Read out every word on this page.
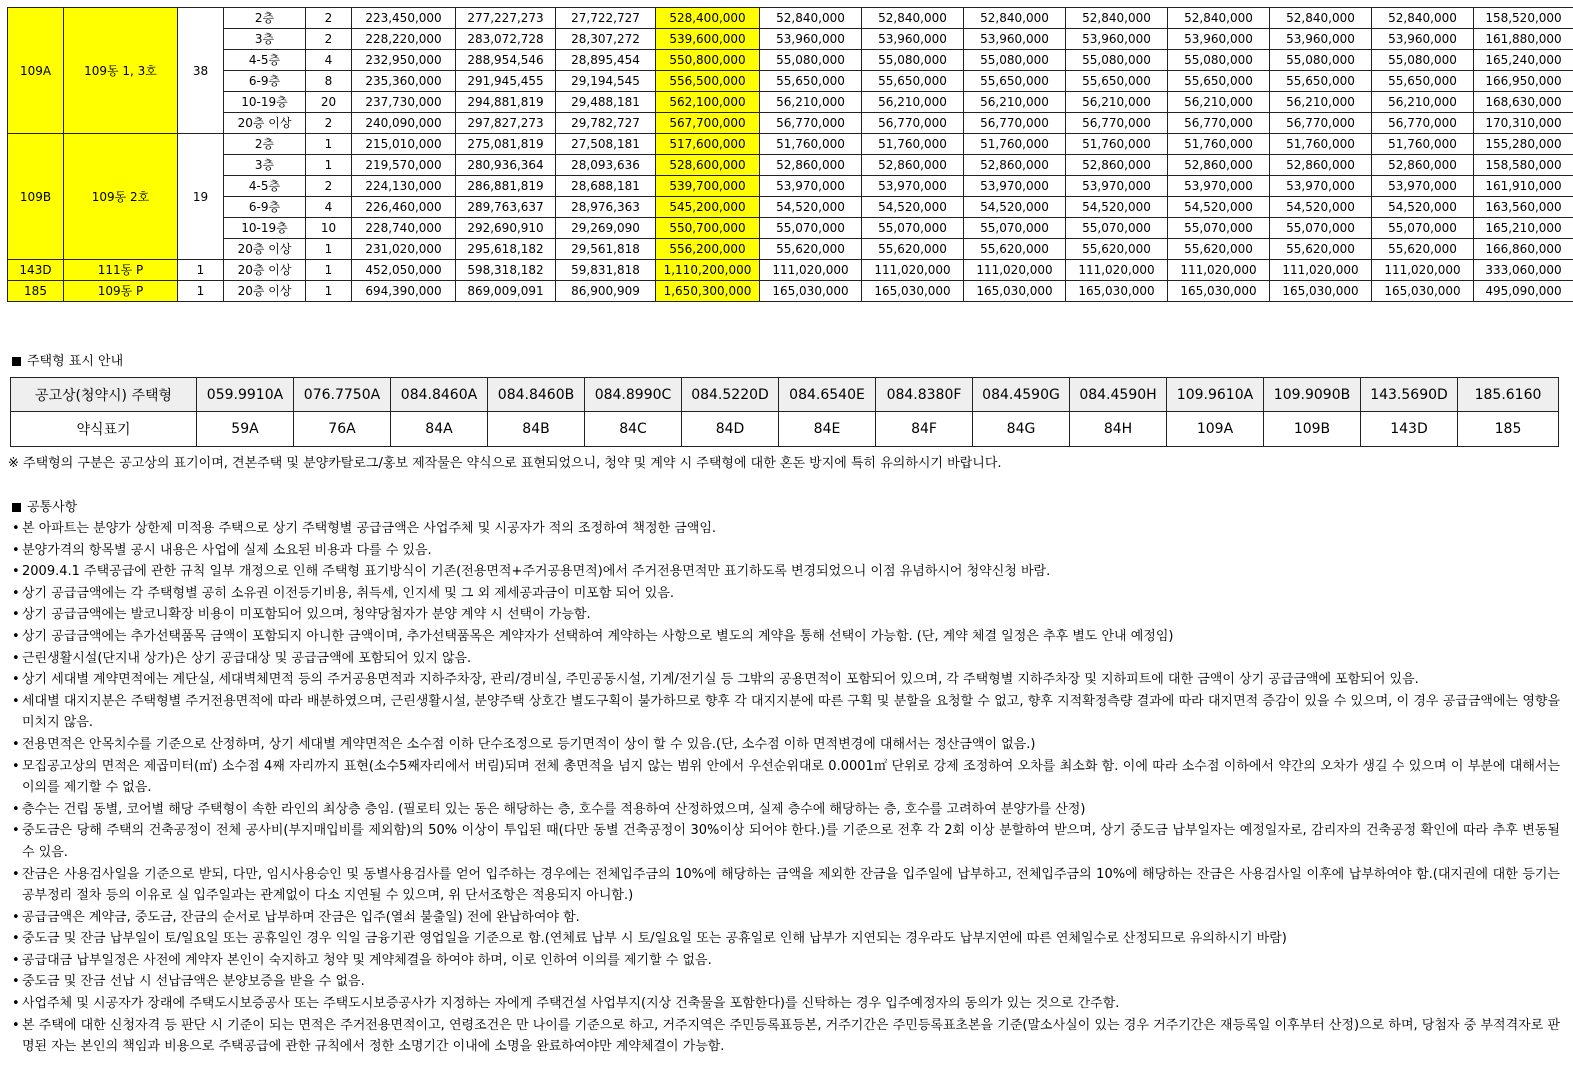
109A	109동 1, 3호	38	2층	2	223,450,000	277,227,273	27,722,727	528,400,000	52,840,000	52,840,000	52,840,000	52,840,000	52,840,000	52,840,000	52,840,000	158,520,000
			3층	2	228,220,000	283,072,728	28,307,272	539,600,000	53,960,000	53,960,000	53,960,000	53,960,000	53,960,000	53,960,000	53,960,000	161,880,000
			4-5층	4	232,950,000	288,954,546	28,895,454	550,800,000	55,080,000	55,080,000	55,080,000	55,080,000	55,080,000	55,080,000	55,080,000	165,240,000
			6-9층	8	235,360,000	291,945,455	29,194,545	556,500,000	55,650,000	55,650,000	55,650,000	55,650,000	55,650,000	55,650,000	55,650,000	166,950,000
			10-19층	20	237,730,000	294,881,819	29,488,181	562,100,000	56,210,000	56,210,000	56,210,000	56,210,000	56,210,000	56,210,000	56,210,000	168,630,000
			20층 이상	2	240,090,000	297,827,273	29,782,727	567,700,000	56,770,000	56,770,000	56,770,000	56,770,000	56,770,000	56,770,000	56,770,000	170,310,000
109B	109동 2호	19	2층	1	215,010,000	275,081,819	27,508,181	517,600,000	51,760,000	51,760,000	51,760,000	51,760,000	51,760,000	51,760,000	51,760,000	155,280,000
			3층	1	219,570,000	280,936,364	28,093,636	528,600,000	52,860,000	52,860,000	52,860,000	52,860,000	52,860,000	52,860,000	52,860,000	158,580,000
			4-5층	2	224,130,000	286,881,819	28,688,181	539,700,000	53,970,000	53,970,000	53,970,000	53,970,000	53,970,000	53,970,000	53,970,000	161,910,000
			6-9층	4	226,460,000	289,763,637	28,976,363	545,200,000	54,520,000	54,520,000	54,520,000	54,520,000	54,520,000	54,520,000	54,520,000	163,560,000
			10-19층	10	228,740,000	292,690,910	29,269,090	550,700,000	55,070,000	55,070,000	55,070,000	55,070,000	55,070,000	55,070,000	55,070,000	165,210,000
			20층 이상	1	231,020,000	295,618,182	29,561,818	556,200,000	55,620,000	55,620,000	55,620,000	55,620,000	55,620,000	55,620,000	55,620,000	166,860,000
143D	111동 P	1	20층 이상	1	452,050,000	598,318,182	59,831,818	1,110,200,000	111,020,000	111,020,000	111,020,000	111,020,000	111,020,000	111,020,000	111,020,000	333,060,000
185	109동 P	1	20층 이상	1	694,390,000	869,009,091	86,900,909	1,650,300,000	165,030,000	165,030,000	165,030,000	165,030,000	165,030,000	165,030,000	165,030,000	495,090,000
주택형 표시 안내
공고상(청약시) 주택형	059.9910A	076.7750A	084.8460A	084.8460B	084.8990C	084.5220D	084.6540E	084.8380F	084.4590G	084.4590H	109.9610A	109.9090B	143.5690D	185.6160
약식표기	59A	76A	84A	84B	84C	84D	84E	84F	84G	84H	109A	109B	143D	185
※ 주택형의 구분은 공고상의 표기이며, 견본주택 및 분양카탈로그/홍보 제작물은 약식으로 표현되었으니, 청약 및 계약 시 주택형에 대한 혼돈 방지에 특히 유의하시기 바랍니다.
공통사항
• 본 아파트는 분양가 상한제 미적용 주택으로 상기 주택형별 공급금액은 사업주체 및 시공자가 적의 조정하여 책정한 금액임.
• 분양가격의 항목별 공시 내용은 사업에 실제 소요된 비용과 다를 수 있음.
• 2009.4.1 주택공급에 관한 규칙 일부 개정으로 인해 주택형 표기방식이 기존(전용면적+주거공용면적)에서 주거전용면적만 표기하도록 변경되었으니 이점 유념하시어 청약신청 바람.
• 상기 공급금액에는 각 주택형별 공히 소유권 이전등기비용, 취득세, 인지세 및 그 외 제세공과금이 미포함 되어 있음.
• 상기 공급금액에는 발코니확장 비용이 미포함되어 있으며, 청약당첨자가 분양 계약 시 선택이 가능함.
• 상기 공급금액에는 추가선택품목 금액이 포함되지 아니한 금액이며, 추가선택품목은 계약자가 선택하여 계약하는 사항으로 별도의 계약을 통해 선택이 가능함. (단, 계약 체결 일정은 추후 별도 안내 예정임)
• 근린생활시설(단지내 상가)은 상기 공급대상 및 공급금액에 포함되어 있지 않음.
• 상기 세대별 계약면적에는 계단실, 세대벽체면적 등의 주거공용면적과 지하주차장, 관리/경비실, 주민공동시설, 기계/전기실 등 그밖의 공용면적이 포함되어 있으며, 각 주택형별 지하주차장 및 지하피트에 대한 금액이 상기 공급금액에 포함되어 있음.
• 세대별 대지지분은 주택형별 주거전용면적에 따라 배분하였으며, 근린생활시설, 분양주택 상호간 별도구획이 불가하므로 향후 각 대지지분에 따른 구획 및 분할을 요청할 수 없고, 향후 지적확정측량 결과에 따라 대지면적 증감이 있을 수 있으며, 이 경우 공급금액에는 영향을 미치지 않음.
• 전용면적은 안목치수를 기준으로 산정하며, 상기 세대별 계약면적은 소수점 이하 단수조정으로 등기면적이 상이 할 수 있음.(단, 소수점 이하 면적변경에 대해서는 정산금액이 없음.)
• 모집공고상의 면적은 제곱미터(㎡) 소수점 4째 자리까지 표현(소수5째자리에서 버림)되며 전체 총면적을 넘지 않는 범위 안에서 우선순위대로 0.0001㎡ 단위로 강제 조정하여 오차를 최소화 함. 이에 따라 소수점 이하에서 약간의 오차가 생길 수 있으며 이 부분에 대해서는 이의를 제기할 수 없음.
• 층수는 건립 동별, 코어별 해당 주택형이 속한 라인의 최상층 층임. (필로티 있는 동은 해당하는 층, 호수를 적용하여 산정하였으며, 실제 층수에 해당하는 층, 호수를 고려하여 분양가를 산정)
• 중도금은 당해 주택의 건축공정이 전체 공사비(부지매입비를 제외함)의 50% 이상이 투입된 때(다만 동별 건축공정이 30%이상 되어야 한다.)를 기준으로 전후 각 2회 이상 분할하여 받으며, 상기 중도금 납부일자는 예정일자로, 감리자의 건축공정 확인에 따라 추후 변동될 수 있음.
• 잔금은 사용검사일을 기준으로 받되, 다만, 임시사용승인 및 동별사용검사를 얻어 입주하는 경우에는 전체입주금의 10%에 해당하는 금액을 제외한 잔금을 입주일에 납부하고, 전체입주금의 10%에 해당하는 잔금은 사용검사일 이후에 납부하여야 함.(대지권에 대한 등기는 공부정리 절차 등의 이유로 실 입주일과는 관계없이 다소 지연될 수 있으며, 위 단서조항은 적용되지 아니함.)
• 공급금액은 계약금, 중도금, 잔금의 순서로 납부하며 잔금은 입주(열쇠 불출일) 전에 완납하여야 함.
• 중도금 및 잔금 납부일이 토/일요일 또는 공휴일인 경우 익일 금융기관 영업일을 기준으로 함.(연체료 납부 시 토/일요일 또는 공휴일로 인해 납부가 지연되는 경우라도 납부지연에 따른 연체일수로 산정되므로 유의하시기 바람)
• 공급대금 납부일정은 사전에 계약자 본인이 숙지하고 청약 및 계약체결을 하여야 하며, 이로 인하여 이의를 제기할 수 없음.
• 중도금 및 잔금 선납 시 선납금액은 분양보증을 받을 수 없음.
• 사업주체 및 시공자가 장래에 주택도시보증공사 또는 주택도시보증공사가 지정하는 자에게 주택건설 사업부지(지상 건축물을 포함한다)를 신탁하는 경우 입주예정자의 동의가 있는 것으로 간주함.
• 본 주택에 대한 신청자격 등 판단 시 기준이 되는 면적은 주거전용면적이고, 연령조건은 만 나이를 기준으로 하고, 거주지역은 주민등록표등본, 거주기간은 주민등록표초본을 기준(말소사실이 있는 경우 거주기간은 재등록일 이후부터 산정)으로 하며, 당첨자 중 부적격자로 판명된 자는 본인의 책임과 비용으로 주택공급에 관한 규칙에서 정한 소명기간 이내에 소명을 완료하여야만 계약체결이 가능함.
